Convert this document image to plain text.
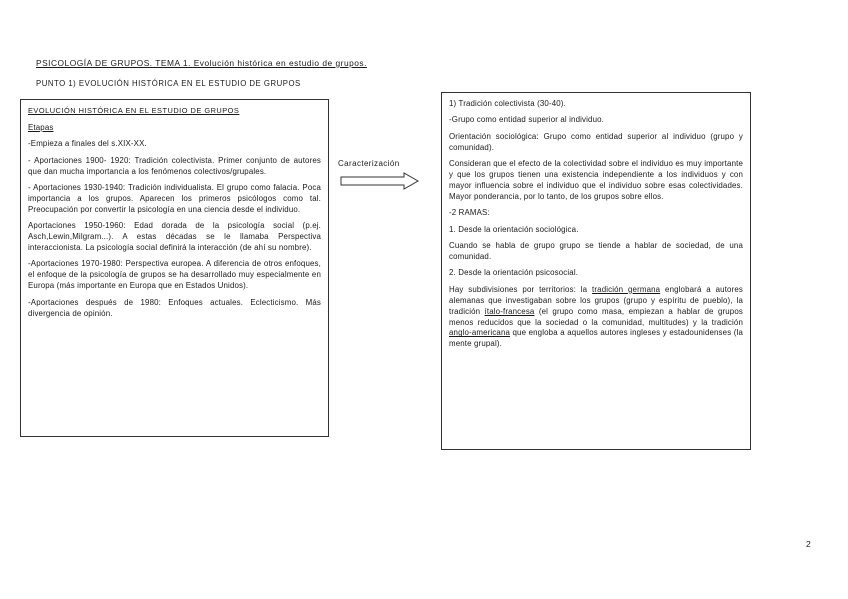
PSICOLOGÍA DE GRUPOS. TEMA 1. Evolución histórica en estudio de grupos.
PUNTO 1) EVOLUCIÓN HISTÓRICA EN EL ESTUDIO DE GRUPOS

EVOLUCIÓN HISTÓRICA EN EL ESTUDIO DE GRUPOS

Etapas

-Empieza a finales del s.XIX-XX.

- Aportaciones 1900- 1920: Tradición colectivista. Primer conjunto de autores que dan mucha importancia a los fenómenos colectivos/grupales.

- Aportaciones 1930-1940: Tradición individualista. El grupo como falacia. Poca importancia a los grupos. Aparecen los primeros psicólogos como tal. Preocupación por convertir la psicología en una ciencia desde el individuo.

Aportaciones 1950-1960: Edad dorada de la psicología social (p.ej. Asch,Lewin,Milgram...). A estas décadas se le llamaba Perspectiva interaccionista. La psicología social definirá la interacción (de ahí su nombre).

-Aportaciones 1970-1980: Perspectiva europea. A diferencia de otros enfoques, el enfoque de la psicología de grupos se ha desarrollado muy especialmente en Europa (más importante en Europa que en Estados Unidos).

-Aportaciones después de 1980: Enfoques actuales. Eclecticismo. Más divergencia de opinión.

Caracterización

1) Tradición colectivista (30-40).

-Grupo como entidad superior al individuo.

Orientación sociológica: Grupo como entidad superior al individuo (grupo y comunidad).

Consideran que el efecto de la colectividad sobre el individuo es muy importante y que los grupos tienen una existencia independiente a los individuos y con mayor influencia sobre el individuo que el individuo sobre esas colectividades. Mayor ponderancia, por lo tanto, de los grupos sobre ellos.

-2 RAMAS:

1. Desde la orientación sociológica.

Cuando se habla de grupo grupo se tiende a hablar de sociedad, de una comunidad.

2. Desde la orientación psicosocial.

Hay subdivisiones por territorios: la tradición germana englobará a autores alemanas que investigaban sobre los grupos (grupo y espíritu de pueblo), la tradición ítalo-francesa (el grupo como masa, empiezan a hablar de grupos menos reducidos que la sociedad o la comunidad, multitudes) y la tradición anglo-americana que engloba a aquellos autores ingleses y estadounidenses (la mente grupal).

2
